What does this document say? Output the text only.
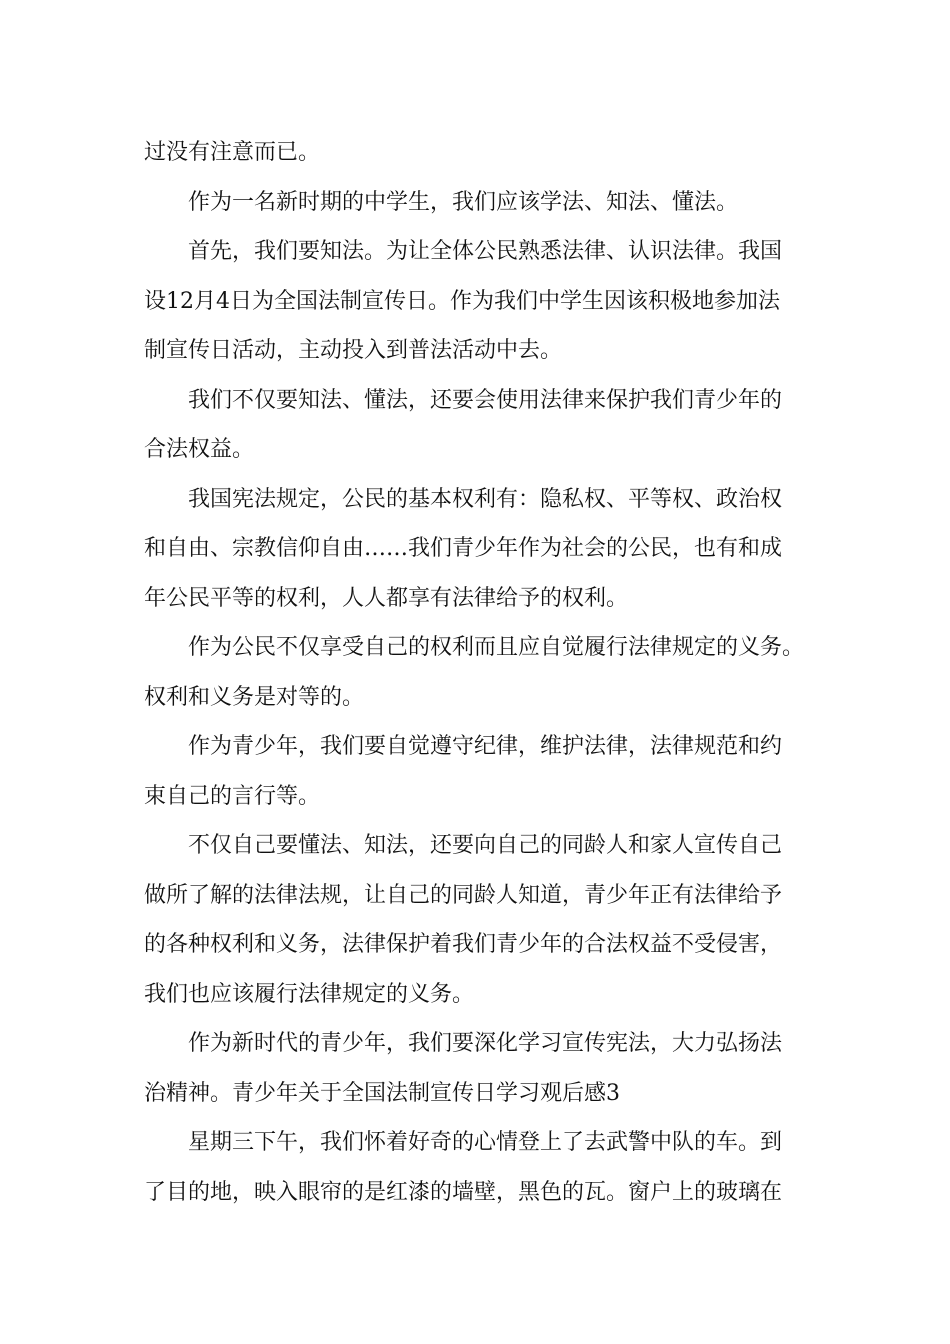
过没有注意而已。
作为一名新时期的中学生，我们应该学法、知法、懂法。
首先，我们要知法。为让全体公民熟悉法律、认识法律。我国
设12月4日为全国法制宣传日。作为我们中学生因该积极地参加法
制宣传日活动，主动投入到普法活动中去。
我们不仅要知法、懂法，还要会使用法律来保护我们青少年的
合法权益。
我国宪法规定，公民的基本权利有：隐私权、平等权、政治权
和自由、宗教信仰自由……我们青少年作为社会的公民，也有和成
年公民平等的权利，人人都享有法律给予的权利。
作为公民不仅享受自己的权利而且应自觉履行法律规定的义务。
权利和义务是对等的。
作为青少年，我们要自觉遵守纪律，维护法律，法律规范和约
束自己的言行等。
不仅自己要懂法、知法，还要向自己的同龄人和家人宣传自己
做所了解的法律法规，让自己的同龄人知道，青少年正有法律给予
的各种权利和义务，法律保护着我们青少年的合法权益不受侵害，
我们也应该履行法律规定的义务。
作为新时代的青少年，我们要深化学习宣传宪法，大力弘扬法
治精神。青少年关于全国法制宣传日学习观后感3
星期三下午，我们怀着好奇的心情登上了去武警中队的车。到
了目的地，映入眼帘的是红漆的墙壁，黑色的瓦。窗户上的玻璃在
